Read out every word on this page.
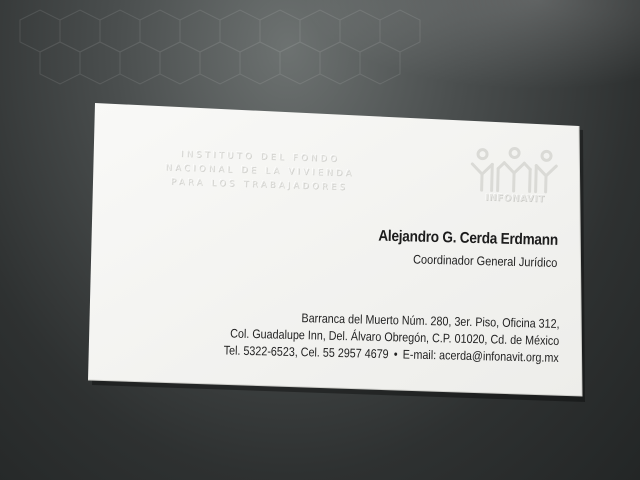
INSTITUTO DEL FONDO
NACIONAL DE LA VIVIENDA
PARA LOS TRABAJADORES
INFONAVIT
Alejandro G. Cerda Erdmann
Coordinador General Jurídico
Barranca del Muerto Núm. 280, 3er. Piso, Oficina 312,
Col. Guadalupe Inn, Del. Álvaro Obregón, C.P. 01020, Cd. de México
Tel. 5322-6523, Cel. 55 2957 4679 • E-mail: acerda@infonavit.org.mx
